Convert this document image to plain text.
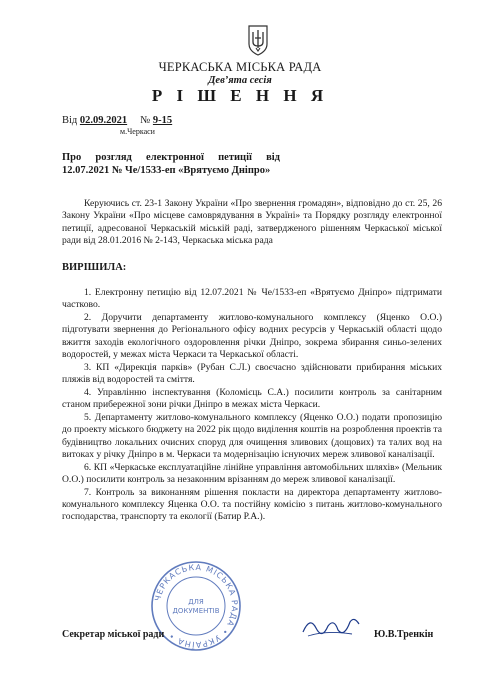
ЧЕРКАСЬКА МІСЬКА РАДА
Дев’ята сесія
Р І Ш Е Н Н Я
Від 02.09.2021 № 9-15
м.Черкаси
Про розгляд електронної петиції від 12.07.2021 № Че/1533-еп «Врятуємо Дніпро»
Керуючись ст. 23-1 Закону України «Про звернення громадян», відповідно до ст. 25, 26 Закону України «Про місцеве самоврядування в Україні» та Порядку розгляду електронної петиції, адресованої Черкаській міській раді, затвердженого рішенням Черкаської міської ради від 28.01.2016 № 2-143, Черкаська міська рада
ВИРІШИЛА:

1. Електронну петицію від 12.07.2021 № Че/1533-еп «Врятуємо Дніпро» підтримати частково.

2. Доручити департаменту житлово-комунального комплексу (Яценко О.О.) підготувати звернення до Регіонального офісу водних ресурсів у Черкаській області щодо вжиття заходів екологічного оздоровлення річки Дніпро, зокрема збирання синьо-зелених водоростей, у межах міста Черкаси та Черкаської області.

3. КП «Дирекція парків» (Рубан С.Л.) своєчасно здійснювати прибирання міських пляжів від водоростей та сміття.

4. Управлінню інспектування (Коломієць С.А.) посилити контроль за санітарним станом прибережної зони річки Дніпро в межах міста Черкаси.

5. Департаменту житлово-комунального комплексу (Яценко О.О.) подати пропозицію до проекту міського бюджету на 2022 рік щодо виділення коштів на розроблення проектів та будівництво локальних очисних споруд для очищення зливових (дощових) та талих вод на витоках у річку Дніпро в м. Черкаси та модернізацію існуючих мереж зливової каналізації.

6. КП «Черкаське експлуатаційне лінійне управління автомобільних шляхів» (Мельник О.О.) посилити контроль за незаконним врізанням до мереж зливової каналізації.

7. Контроль за виконанням рішення покласти на директора департаменту житлово-комунального комплексу Яценка О.О. та постійну комісію з питань житлово-комунального господарства, транспорту та екології (Батир Р.А.).

ЧЕРКАСЬКА МІСЬКА РАДА • УКРАЇНА •
ДЛЯ
ДОКУМЕНТІВ
Секретар міської ради	Ю.В.Тренкін
